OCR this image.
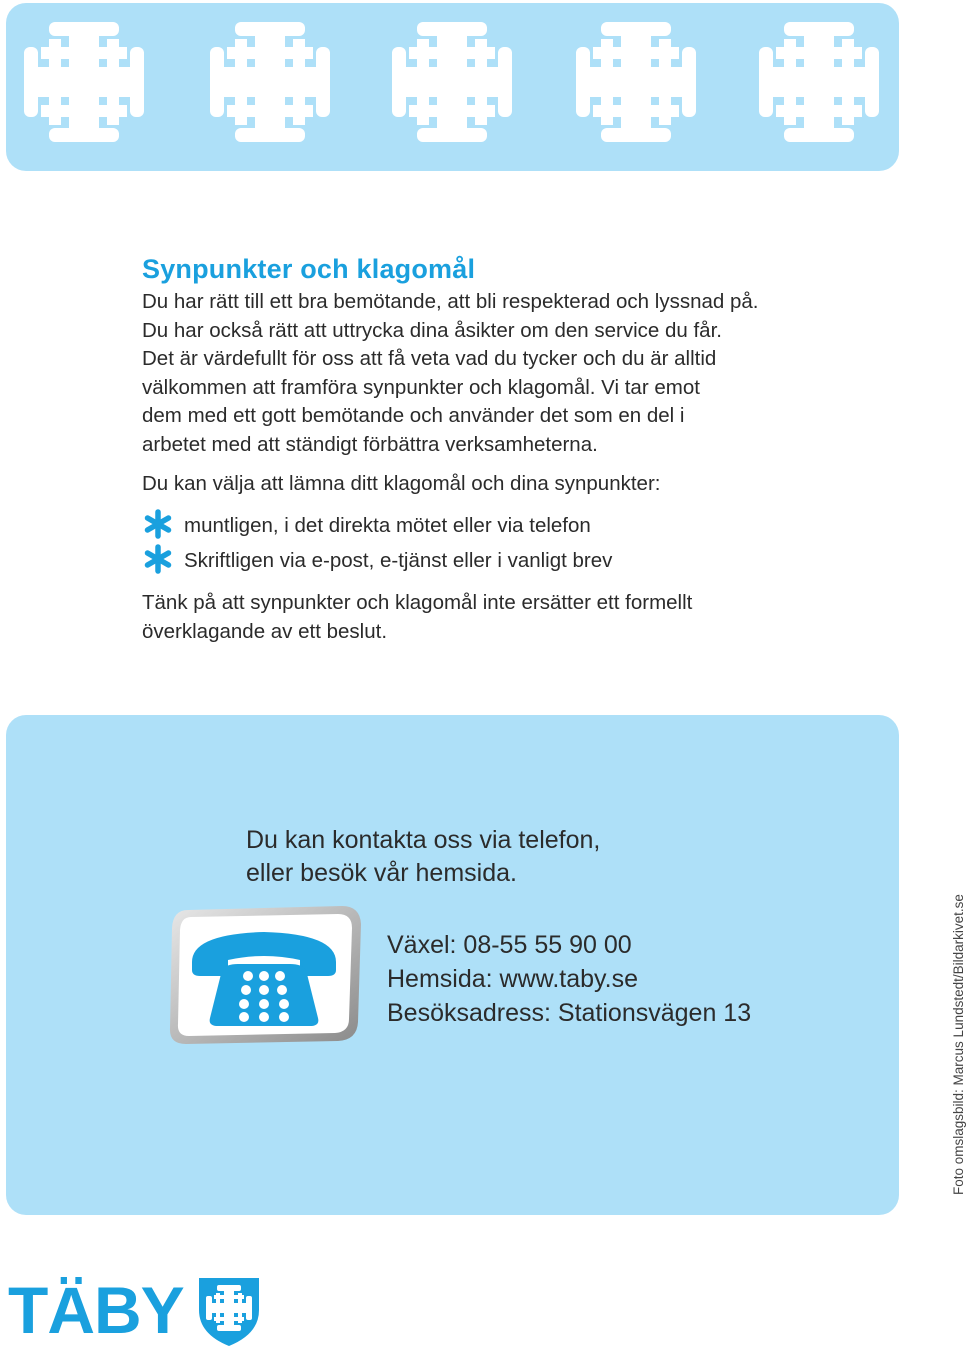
Synpunkter och klagomål

Du har rätt till ett bra bemötande, att bli respekterad och lyssnad på.
Du har också rätt att uttrycka dina åsikter om den service du får.
Det är värdefullt för oss att få veta vad du tycker och du är alltid
välkommen att framföra synpunkter och klagomål. Vi tar emot
dem med ett gott bemötande och använder det som en del i
arbetet med att ständigt förbättra verksamheterna.

Du kan välja att lämna ditt klagomål och dina synpunkter:

muntligen, i det direkta mötet eller via telefon
Skriftligen via e-post, e-tjänst eller i vanligt brev

Tänk på att synpunkter och klagomål inte ersätter ett formellt
överklagande av ett beslut.

Du kan kontakta oss via telefon,
eller besök vår hemsida.

Växel: 08-55 55 90 00
Hemsida: www.taby.se
Besöksadress: Stationsvägen 13	Foto omslagsbild: Marcus Lundstedt/Bildarkivet.se
TÄBY
